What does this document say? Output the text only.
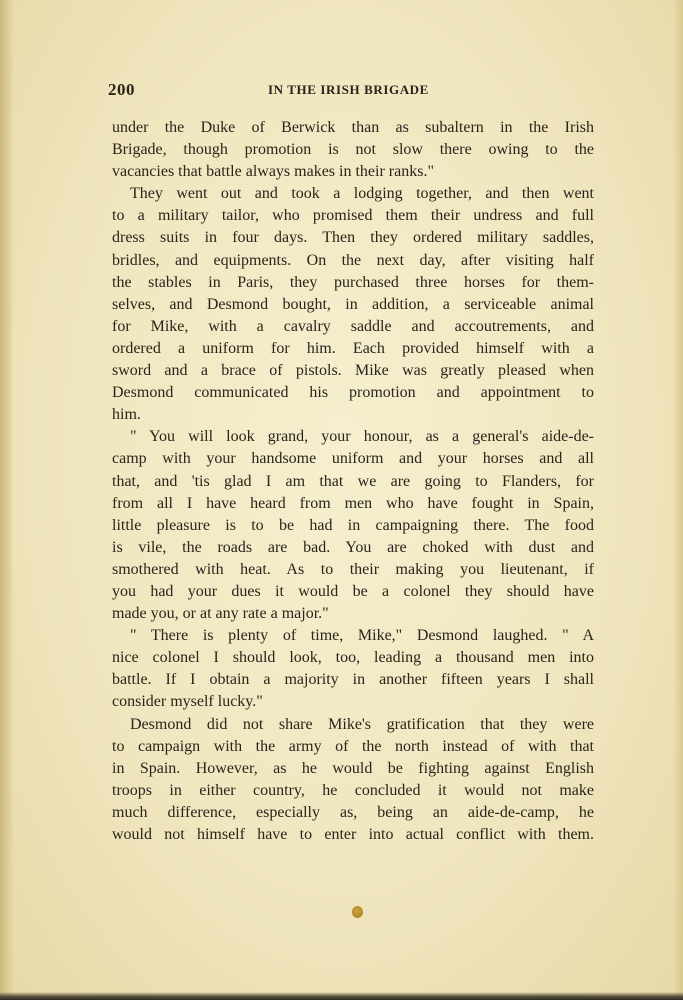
200	IN THE IRISH BRIGADE
under the Duke of Berwick than as subaltern in the Irish
Brigade, though promotion is not slow there owing to the
vacancies that battle always makes in their ranks."
They went out and took a lodging together, and then went
to a military tailor, who promised them their undress and full
dress suits in four days. Then they ordered military saddles,
bridles, and equipments. On the next day, after visiting half
the stables in Paris, they purchased three horses for them-
selves, and Desmond bought, in addition, a serviceable animal
for Mike, with a cavalry saddle and accoutrements, and
ordered a uniform for him. Each provided himself with a
sword and a brace of pistols. Mike was greatly pleased when
Desmond communicated his promotion and appointment to
him.
" You will look grand, your honour, as a general's aide-de-
camp with your handsome uniform and your horses and all
that, and 'tis glad I am that we are going to Flanders, for
from all I have heard from men who have fought in Spain,
little pleasure is to be had in campaigning there. The food
is vile, the roads are bad. You are choked with dust and
smothered with heat. As to their making you lieutenant, if
you had your dues it would be a colonel they should have
made you, or at any rate a major."
" There is plenty of time, Mike," Desmond laughed. " A
nice colonel I should look, too, leading a thousand men into
battle. If I obtain a majority in another fifteen years I shall
consider myself lucky."
Desmond did not share Mike's gratification that they were
to campaign with the army of the north instead of with that
in Spain. However, as he would be fighting against English
troops in either country, he concluded it would not make
much difference, especially as, being an aide-de-camp, he
would not himself have to enter into actual conflict with them.
